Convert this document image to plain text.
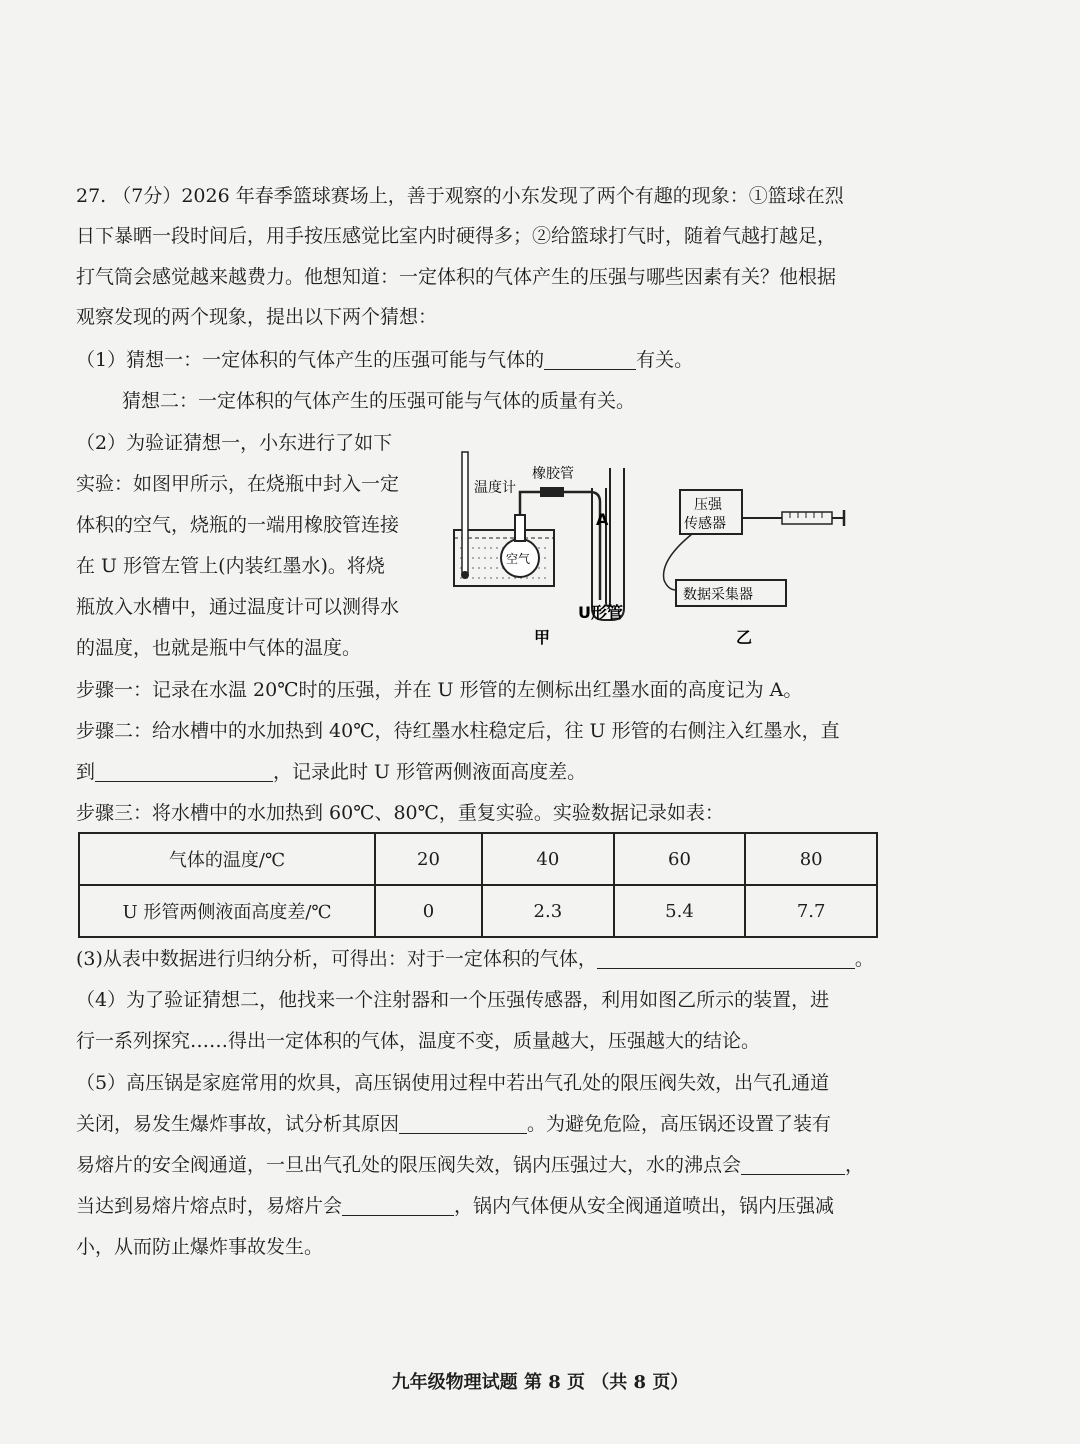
27. （7分）2026 年春季篮球赛场上，善于观察的小东发现了两个有趣的现象：①篮球在烈
日下暴晒一段时间后，用手按压感觉比室内时硬得多；②给篮球打气时，随着气越打越足，
打气筒会感觉越来越费力。他想知道：一定体积的气体产生的压强与哪些因素有关？他根据
观察发现的两个现象，提出以下两个猜想：
（1）猜想一：一定体积的气体产生的压强可能与气体的	有关。
猜想二：一定体积的气体产生的压强可能与气体的质量有关。
（2）为验证猜想一，小东进行了如下
实验：如图甲所示，在烧瓶中封入一定
体积的空气，烧瓶的一端用橡胶管连接
在 U 形管左管上(内装红墨水)。将烧
瓶放入水槽中，通过温度计可以测得水
的温度，也就是瓶中气体的温度。
温度计
空气
橡胶管
A
U形管
甲
压强
传感器
数据采集器
乙
步骤一：记录在水温 20℃时的压强，并在 U 形管的左侧标出红墨水面的高度记为 A。
步骤二：给水槽中的水加热到 40℃，待红墨水柱稳定后，往 U 形管的右侧注入红墨水，直
到	，记录此时 U 形管两侧液面高度差。
步骤三：将水槽中的水加热到 60℃、80℃，重复实验。实验数据记录如表：
气体的温度/℃	20	40	60	80
U 形管两侧液面高度差/℃	0	2.3	5.4	7.7
(3)从表中数据进行归纳分析，可得出：对于一定体积的气体，	。
（4）为了验证猜想二，他找来一个注射器和一个压强传感器，利用如图乙所示的装置，进
行一系列探究……得出一定体积的气体，温度不变，质量越大，压强越大的结论。
（5）高压锅是家庭常用的炊具，高压锅使用过程中若出气孔处的限压阀失效，出气孔通道
关闭，易发生爆炸事故，试分析其原因	。为避免危险，高压锅还设置了装有
易熔片的安全阀通道，一旦出气孔处的限压阀失效，锅内压强过大，水的沸点会	，
当达到易熔片熔点时，易熔片会	，锅内气体便从安全阀通道喷出，锅内压强减
小，从而防止爆炸事故发生。
九年级物理试题 第 8 页 （共 8 页）
